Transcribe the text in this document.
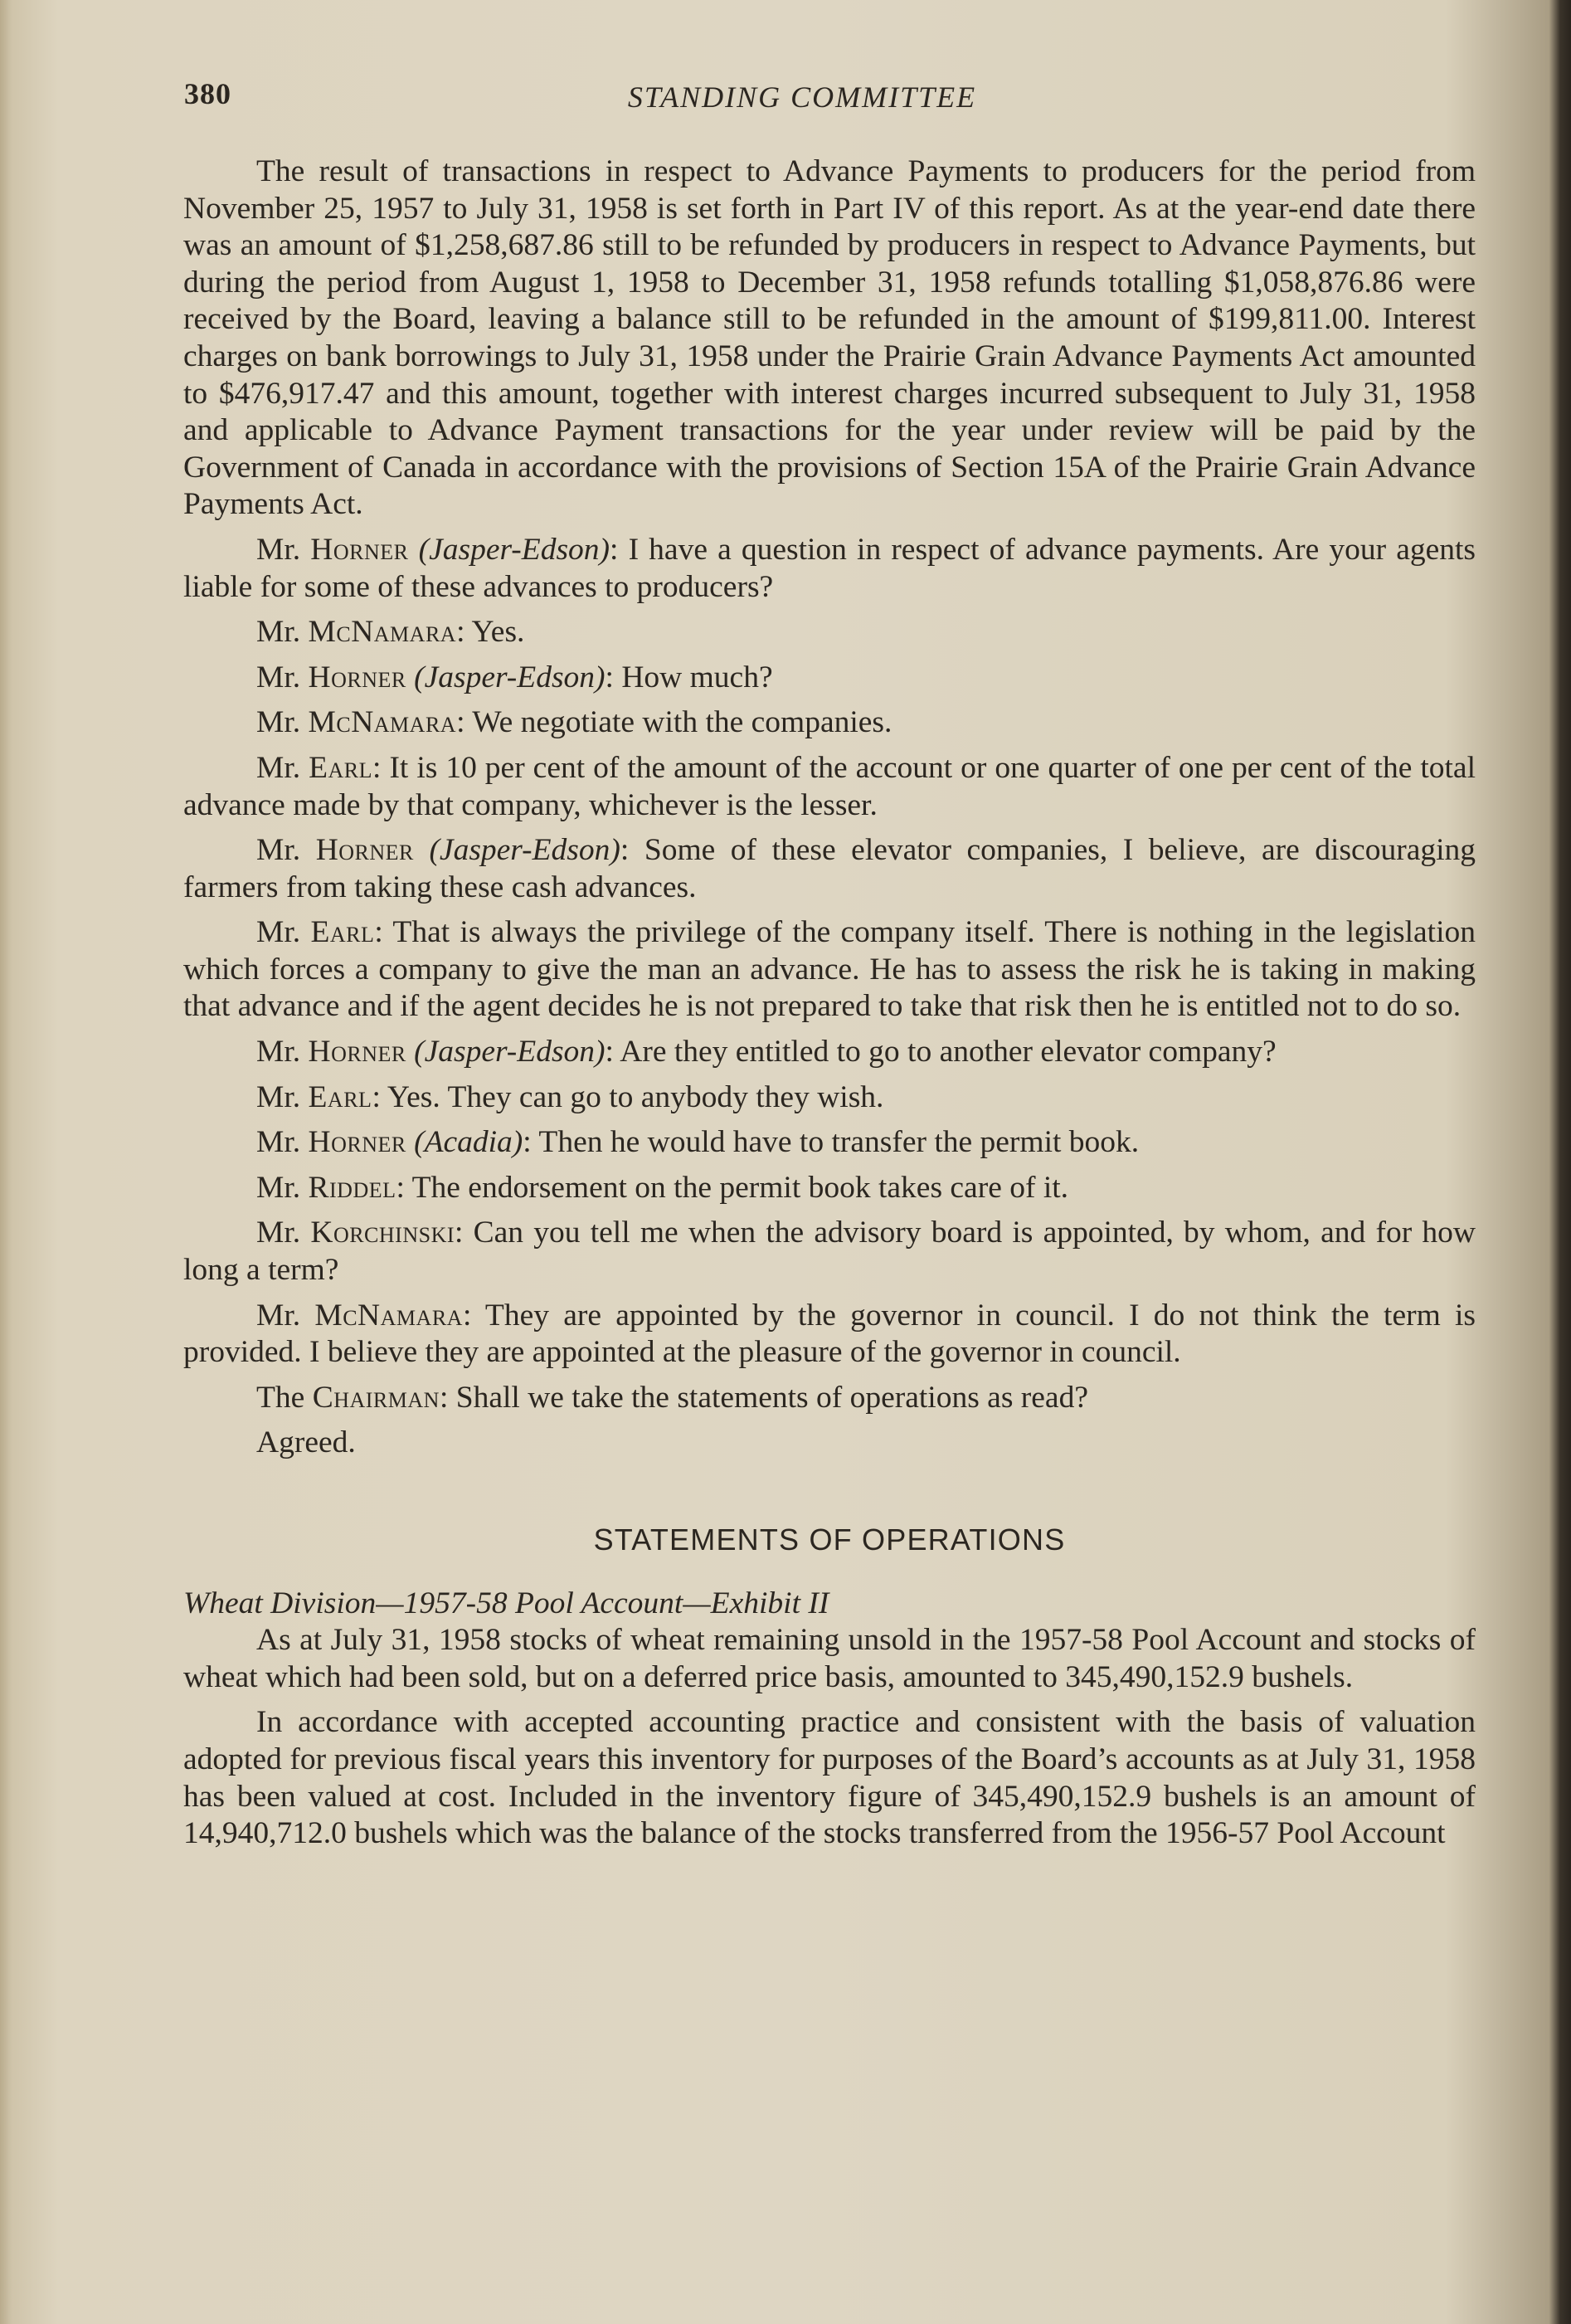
380	STANDING COMMITTEE

The result of transactions in respect to Advance Payments to producers for the period from November 25, 1957 to July 31, 1958 is set forth in Part IV of this report. As at the year-end date there was an amount of $1,258,687.86 still to be refunded by producers in respect to Advance Payments, but during the period from August 1, 1958 to December 31, 1958 refunds totalling $1,058,876.86 were received by the Board, leaving a balance still to be refunded in the amount of $199,811.00. Interest charges on bank borrowings to July 31, 1958 under the Prairie Grain Advance Payments Act amounted to $476,917.47 and this amount, together with interest charges incurred subsequent to July 31, 1958 and applicable to Advance Payment transactions for the year under review will be paid by the Government of Canada in accordance with the provisions of Section 15A of the Prairie Grain Advance Payments Act.

Mr. Horner (Jasper-Edson): I have a question in respect of advance payments. Are your agents liable for some of these advances to producers?

Mr. McNamara: Yes.

Mr. Horner (Jasper-Edson): How much?

Mr. McNamara: We negotiate with the companies.

Mr. Earl: It is 10 per cent of the amount of the account or one quarter of one per cent of the total advance made by that company, whichever is the lesser.

Mr. Horner (Jasper-Edson): Some of these elevator companies, I believe, are discouraging farmers from taking these cash advances.

Mr. Earl: That is always the privilege of the company itself. There is nothing in the legislation which forces a company to give the man an advance. He has to assess the risk he is taking in making that advance and if the agent decides he is not prepared to take that risk then he is entitled not to do so.

Mr. Horner (Jasper-Edson): Are they entitled to go to another elevator company?

Mr. Earl: Yes. They can go to anybody they wish.

Mr. Horner (Acadia): Then he would have to transfer the permit book.

Mr. Riddel: The endorsement on the permit book takes care of it.

Mr. Korchinski: Can you tell me when the advisory board is appointed, by whom, and for how long a term?

Mr. McNamara: They are appointed by the governor in council. I do not think the term is provided. I believe they are appointed at the pleasure of the governor in council.

The Chairman: Shall we take the statements of operations as read?

Agreed.

STATEMENTS OF OPERATIONS

Wheat Division—1957-58 Pool Account—Exhibit II

As at July 31, 1958 stocks of wheat remaining unsold in the 1957-58 Pool Account and stocks of wheat which had been sold, but on a deferred price basis, amounted to 345,490,152.9 bushels.

In accordance with accepted accounting practice and consistent with the basis of valuation adopted for previous fiscal years this inventory for purposes of the Board’s accounts as at July 31, 1958 has been valued at cost. Included in the inventory figure of 345,490,152.9 bushels is an amount of 14,940,712.0 bushels which was the balance of the stocks transferred from the 1956-57 Pool Account
